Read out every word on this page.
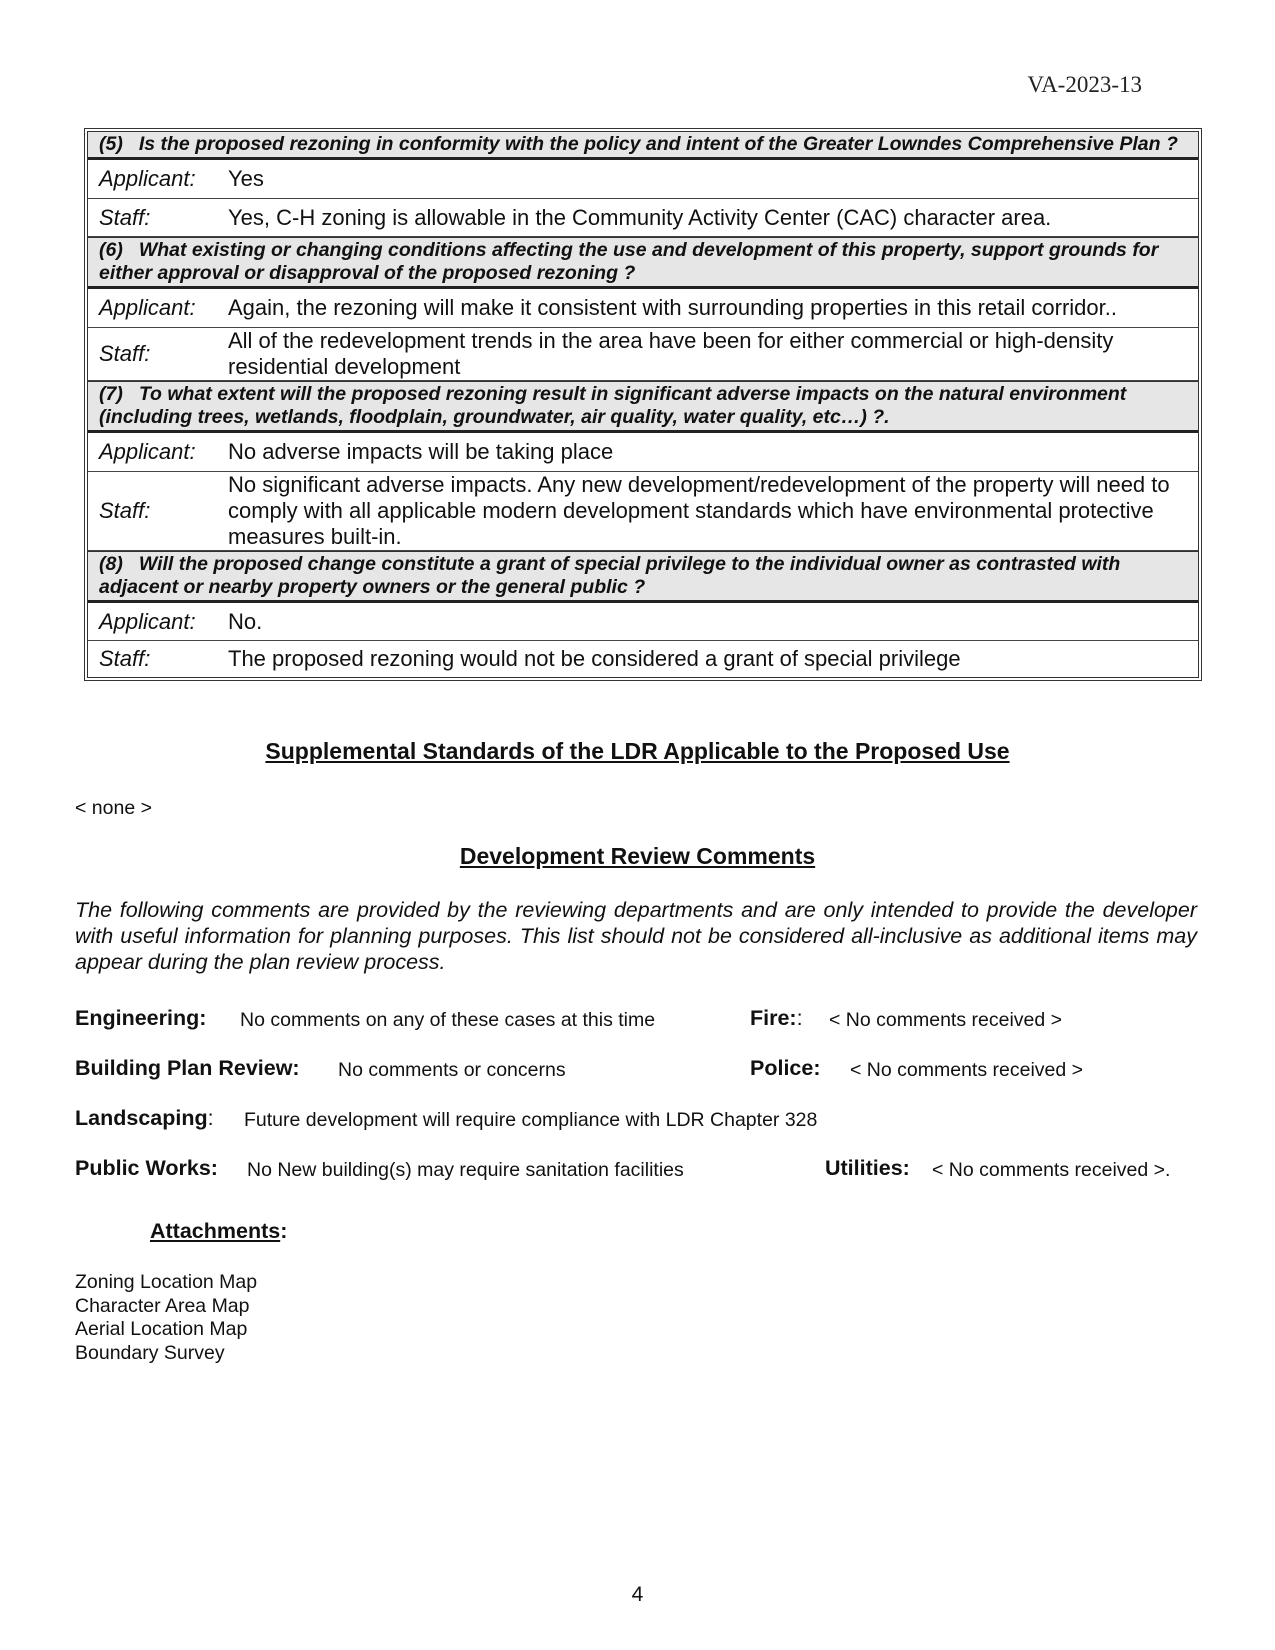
VA-2023-13
(5) Is the proposed rezoning in conformity with the policy and intent of the Greater Lowndes Comprehensive Plan ?
Applicant:	Yes
Staff:	Yes, C-H zoning is allowable in the Community Activity Center (CAC) character area.
(6) What existing or changing conditions affecting the use and development of this property, support grounds for either approval or disapproval of the proposed rezoning ?
Applicant:	Again, the rezoning will make it consistent with surrounding properties in this retail corridor..
Staff:
All of the redevelopment trends in the area have been for either commercial or high-density residential development
(7) To what extent will the proposed rezoning result in significant adverse impacts on the natural environment (including trees, wetlands, floodplain, groundwater, air quality, water quality, etc…) ?.
Applicant:	No adverse impacts will be taking place
Staff:
No significant adverse impacts. Any new development/redevelopment of the property will need to comply with all applicable modern development standards which have environmental protective measures built-in.
(8) Will the proposed change constitute a grant of special privilege to the individual owner as contrasted with adjacent or nearby property owners or the general public ?
Applicant:	No.
Staff:	The proposed rezoning would not be considered a grant of special privilege
Supplemental Standards of the LDR Applicable to the Proposed Use
< none >
Development Review Comments
The following comments are provided by the reviewing departments and are only intended to provide the developer with useful information for planning purposes. This list should not be considered all-inclusive as additional items may appear during the plan review process.
Engineering: No comments on any of these cases at this time	Fire:: < No comments received >
Building Plan Review: No comments or concerns	Police: < No comments received >
Landscaping: Future development will require compliance with LDR Chapter 328
Public Works: No New building(s) may require sanitation facilities	Utilities: < No comments received >.
Attachments:
Zoning Location Map
Character Area Map
Aerial Location Map
Boundary Survey
4
